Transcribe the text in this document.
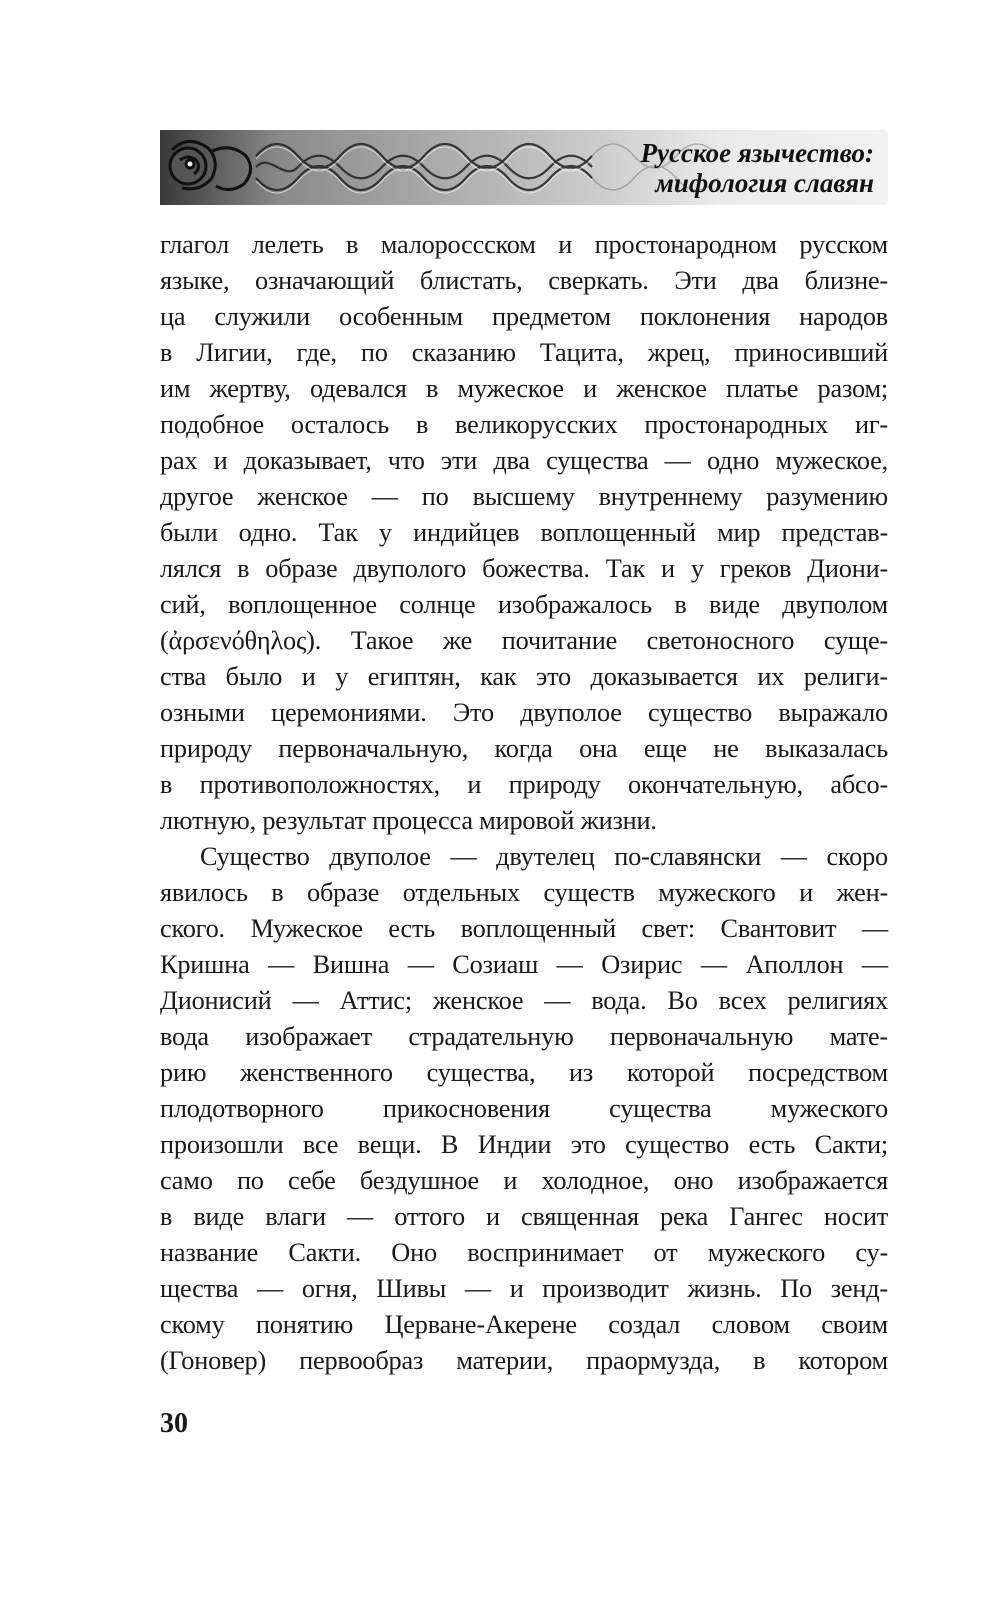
Русское язычество:
мифология славян
глагол лелеть в малороссском и простонародном русском
языке, означающий блистать, сверкать. Эти два близне-
ца служили особенным предметом поклонения народов
в Лигии, где, по сказанию Тацита, жрец, приносивший
им жертву, одевался в мужеское и женское платье разом;
подобное осталось в великорусских простонародных иг-
рах и доказывает, что эти два существа — одно мужеское,
другое женское — по высшему внутреннему разумению
были одно. Так у индийцев воплощенный мир представ-
лялся в образе двуполого божества. Так и у греков Диони-
сий, воплощенное солнце изображалось в виде двуполом
(ἀρσενόθηλος). Такое же почитание светоносного суще-
ства было и у египтян, как это доказывается их религи-
озными церемониями. Это двуполое существо выражало
природу первоначальную, когда она еще не выказалась
в противоположностях, и природу окончательную, абсо-
лютную, результат процесса мировой жизни.
Существо двуполое — двутелец по-славянски — скоро
явилось в образе отдельных существ мужеского и жен-
ского. Мужеское есть воплощенный свет: Свантовит —
Кришна — Вишна — Созиаш — Озирис — Аполлон —
Дионисий — Аттис; женское — вода. Во всех религиях
вода изображает страдательную первоначальную мате-
рию женственного существа, из которой посредством
плодотворного прикосновения существа мужеского
произошли все вещи. В Индии это существо есть Сакти;
само по себе бездушное и холодное, оно изображается
в виде влаги — оттого и священная река Гангес носит
название Сакти. Оно воспринимает от мужеского су-
щества — огня, Шивы — и производит жизнь. По зенд-
скому понятию Церване-Акерене создал словом своим
(Гоновер) первообраз материи, праормузда, в котором
30
